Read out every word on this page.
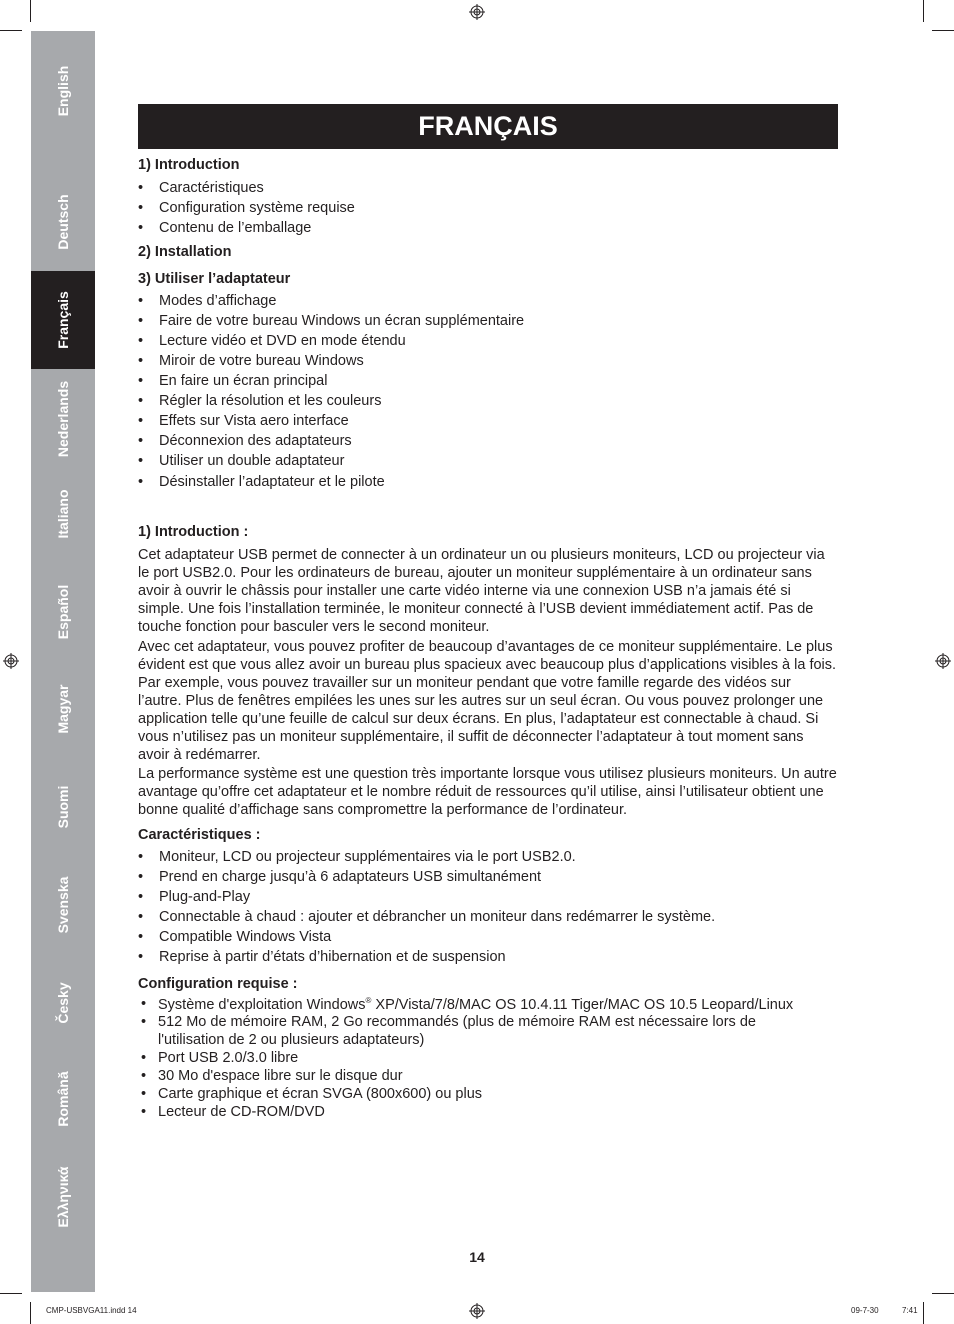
English
Deutsch
Français
Nederlands
Italiano
Español
Magyar
Suomi
Svenska
Česky
Română
Ελληνικά
FRANÇAIS
1) Introduction
• Caractéristiques
• Configuration système requise
• Contenu de l’emballage
2) Installation
3) Utiliser l’adaptateur
• Modes d’affichage
• Faire de votre bureau Windows un écran supplémentaire
• Lecture vidéo et DVD en mode étendu
• Miroir de votre bureau Windows
• En faire un écran principal
• Régler la résolution et les couleurs
• Effets sur Vista aero interface
• Déconnexion des adaptateurs
• Utiliser un double adaptateur
• Désinstaller l’adaptateur et le pilote
1) Introduction :
Cet adaptateur USB permet de connecter à un ordinateur un ou plusieurs moniteurs, LCD ou projecteur via le port USB2.0. Pour les ordinateurs de bureau, ajouter un moniteur supplémentaire à un ordinateur sans avoir à ouvrir le châssis pour installer une carte vidéo interne via une connexion USB n’a jamais été si simple. Une fois l’installation terminée, le moniteur connecté à l’USB devient immédiatement actif. Pas de touche fonction pour basculer vers le second moniteur.
Avec cet adaptateur, vous pouvez profiter de beaucoup d’avantages de ce moniteur supplémentaire. Le plus évident est que vous allez avoir un bureau plus spacieux avec beaucoup plus d’applications visibles à la fois. Par exemple, vous pouvez travailler sur un moniteur pendant que votre famille regarde des vidéos sur l’autre. Plus de fenêtres empilées les unes sur les autres sur un seul écran. Ou vous pouvez prolonger une application telle qu’une feuille de calcul sur deux écrans. En plus, l’adaptateur est connectable à chaud. Si vous n’utilisez pas un moniteur supplémentaire, il suffit de déconnecter l’adaptateur à tout moment sans avoir à redémarrer.
La performance système est une question très importante lorsque vous utilisez plusieurs moniteurs. Un autre avantage qu’offre cet adaptateur et le nombre réduit de ressources qu’il utilise, ainsi l’utilisateur obtient une bonne qualité d’affichage sans compromettre la performance de l’ordinateur.
Caractéristiques :
• Moniteur, LCD ou projecteur supplémentaires via le port USB2.0.
• Prend en charge jusqu’à 6 adaptateurs USB simultanément
• Plug-and-Play
• Connectable à chaud : ajouter et débrancher un moniteur dans redémarrer le système.
• Compatible Windows Vista
• Reprise à partir d’états d’hibernation et de suspension
Configuration requise :
• Système d'exploitation Windows® XP/Vista/7/8/MAC OS 10.4.11 Tiger/MAC OS 10.5 Leopard/Linux
• 512 Mo de mémoire RAM, 2 Go recommandés (plus de mémoire RAM est nécessaire lors de
l'utilisation de 2 ou plusieurs adaptateurs)
• Port USB 2.0/3.0 libre
• 30 Mo d'espace libre sur le disque dur
• Carte graphique et écran SVGA (800x600) ou plus
• Lecteur de CD-ROM/DVD
14
CMP-USBVGA11.indd 14	09-7-30	7:41
